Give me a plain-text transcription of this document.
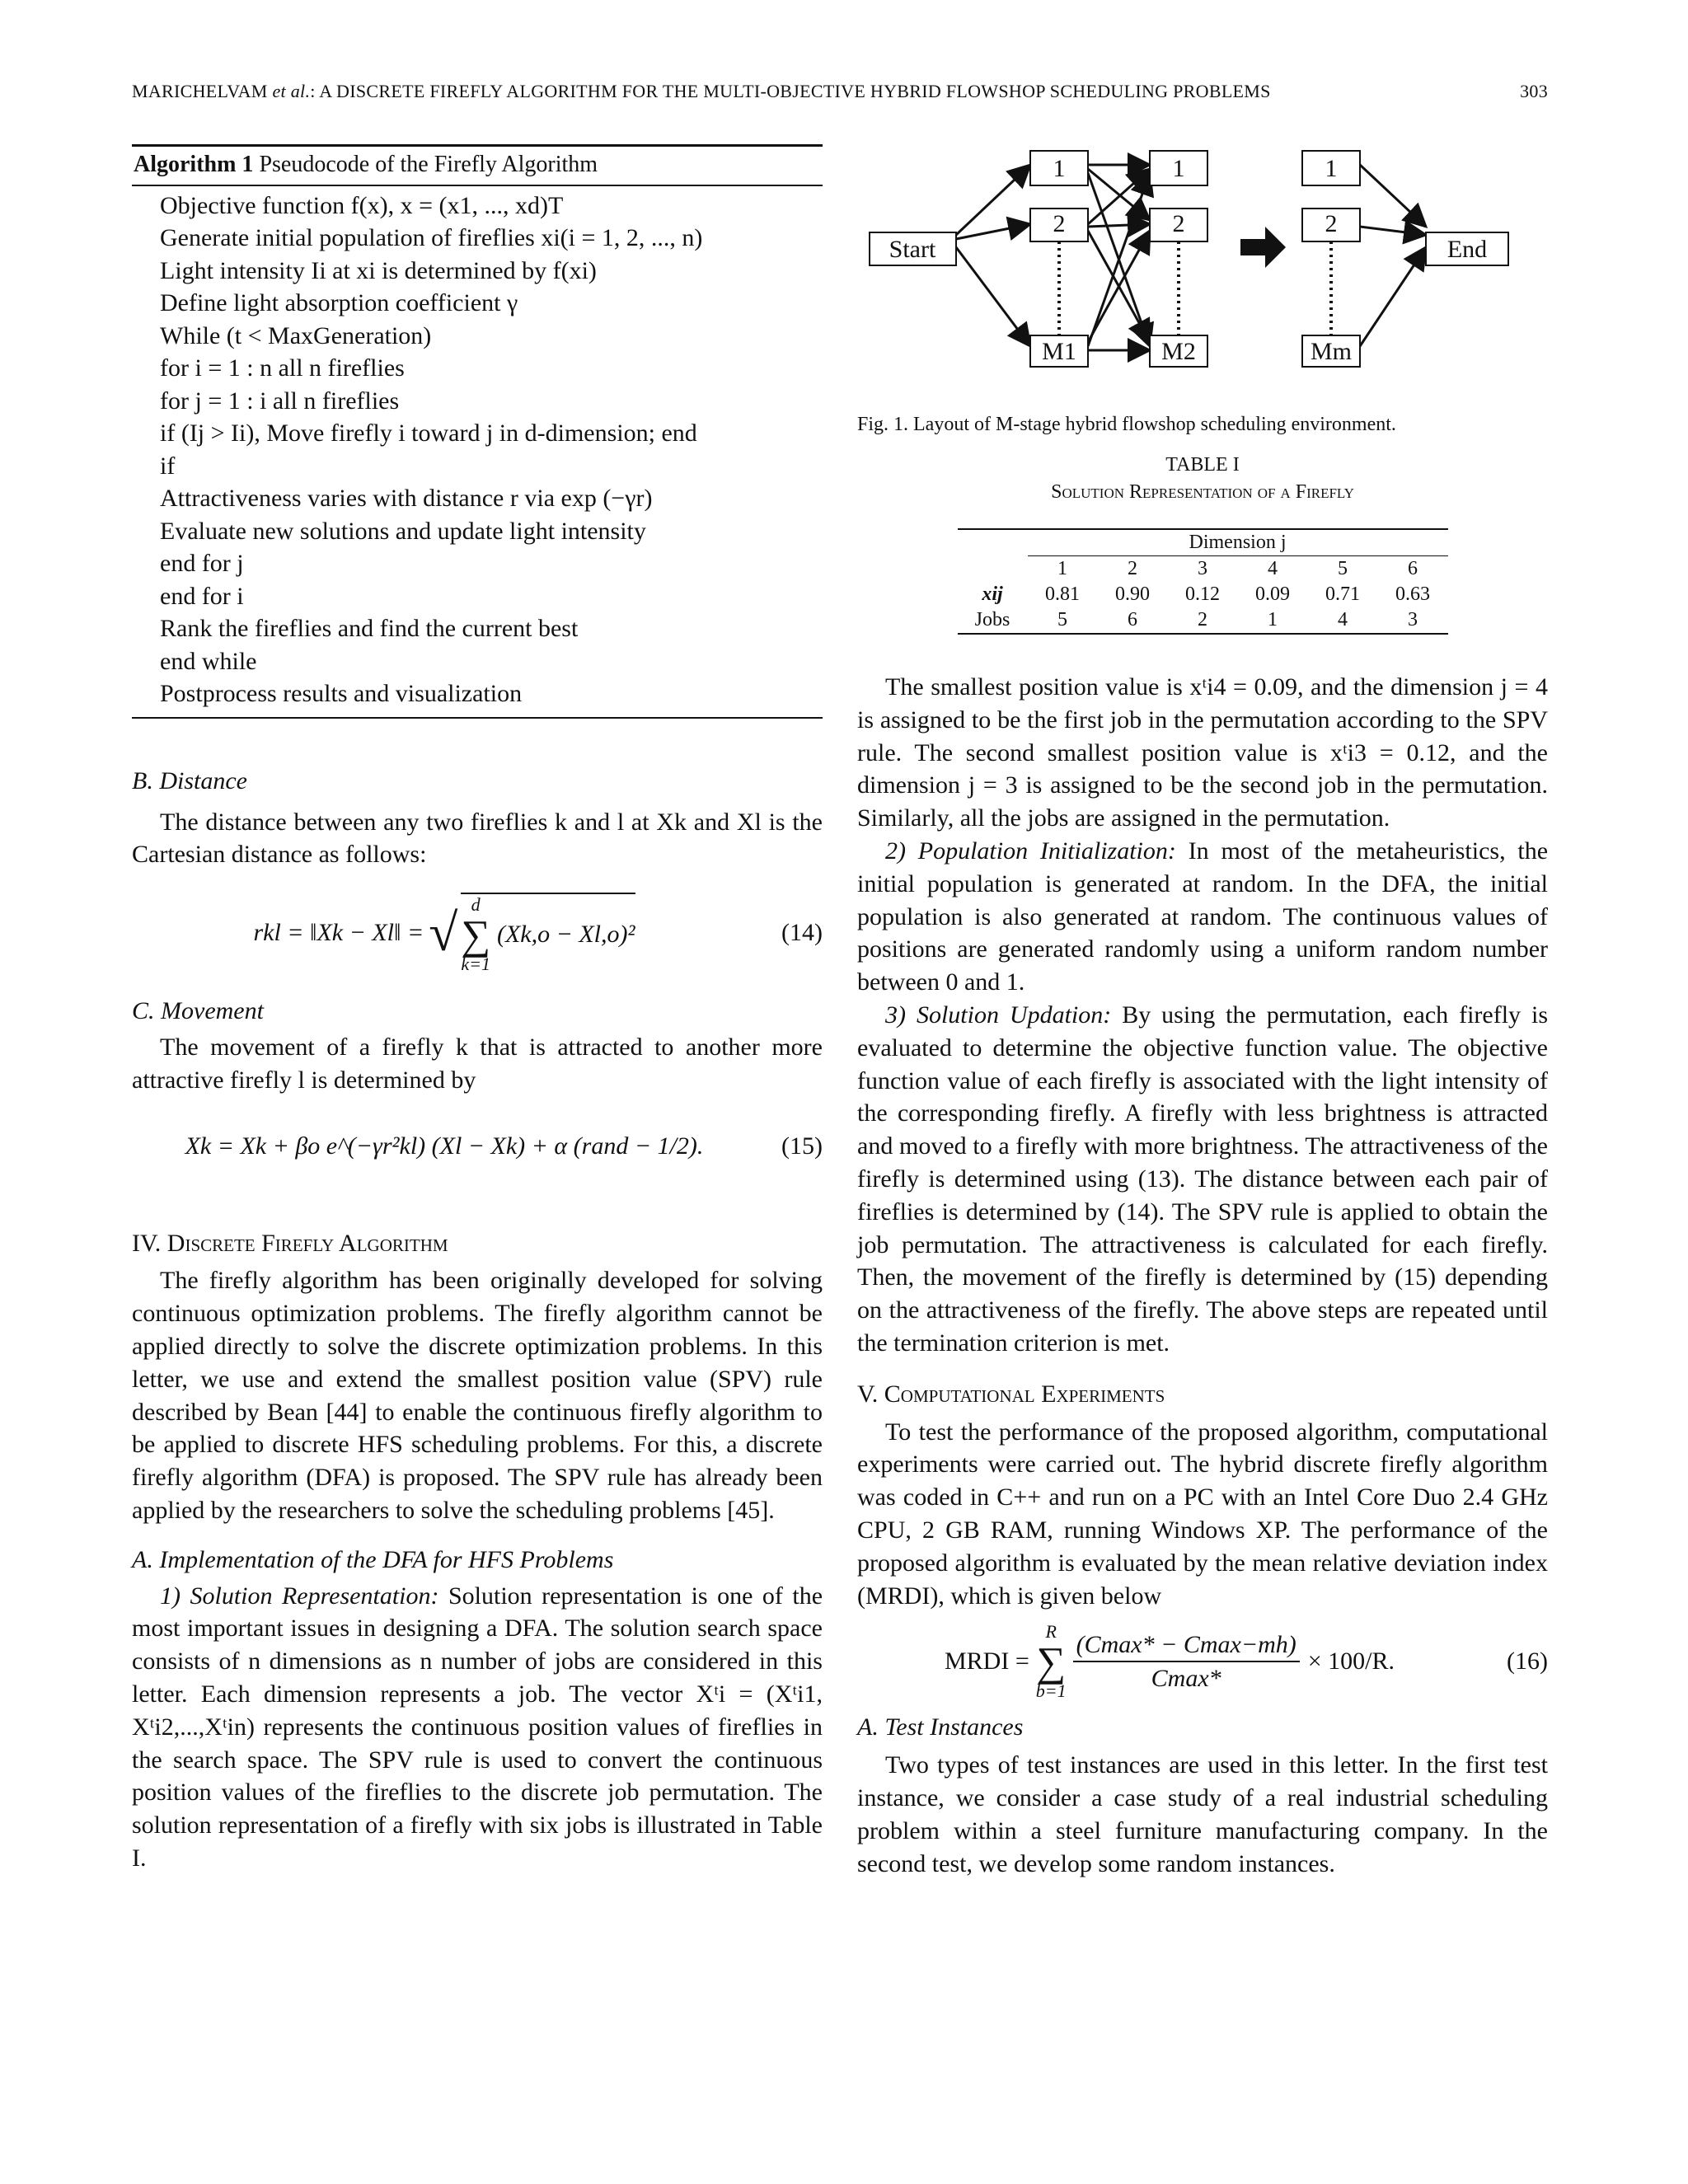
MARICHELVAM et al.: A DISCRETE FIREFLY ALGORITHM FOR THE MULTI-OBJECTIVE HYBRID FLOWSHOP SCHEDULING PROBLEMS	303
Algorithm 1 Pseudocode of the Firefly Algorithm
Objective function f(x), x = (x1, ..., xd)T
Generate initial population of fireflies xi(i = 1, 2, ..., n)
Light intensity Ii at xi is determined by f(xi)
Define light absorption coefficient γ
While (t < MaxGeneration)
for i = 1 : n all n fireflies
for j = 1 : i all n fireflies
if (Ij > Ii), Move firefly i toward j in d-dimension; end
if
Attractiveness varies with distance r via exp (−γr)
Evaluate new solutions and update light intensity
end for j
end for i
Rank the fireflies and find the current best
end while
Postprocess results and visualization

B. Distance

The distance between any two fireflies k and l at Xk and Xl is the Cartesian distance as follows:

rkl = ‖Xk − Xl‖ = √ d
∑
k=1
(Xk,o − Xl,o)²	(14)

C. Movement

The movement of a firefly k that is attracted to another more attractive firefly l is determined by

Xk = Xk + βo e^(−γr²kl) (Xl − Xk) + α (rand − 1/2).	(15)

IV. Discrete Firefly Algorithm

The firefly algorithm has been originally developed for solving continuous optimization problems. The firefly algorithm cannot be applied directly to solve the discrete optimization problems. In this letter, we use and extend the smallest position value (SPV) rule described by Bean [44] to enable the continuous firefly algorithm to be applied to discrete HFS scheduling problems. For this, a discrete firefly algorithm (DFA) is proposed. The SPV rule has already been applied by the researchers to solve the scheduling problems [45].

A. Implementation of the DFA for HFS Problems

1) Solution Representation: Solution representation is one of the most important issues in designing a DFA. The solution search space consists of n dimensions as n number of jobs are considered in this letter. Each dimension represents a job. The vector Xᵗi = (Xᵗi1, Xᵗi2,...,Xᵗin) represents the continuous position values of fireflies in the search space. The SPV rule is used to convert the continuous position values of the fireflies to the discrete job permutation. The solution representation of a firefly with six jobs is illustrated in Table I.

Start	End
1
2
M1
1
2
M2
1
2
Mm
Fig. 1. Layout of M-stage hybrid flowshop scheduling environment.
TABLE I
Solution Representation of a Firefly
	Dimension j					
	1	2	3	4	5	6
xij	0.81	0.90	0.12	0.09	0.71	0.63
Jobs	5	6	2	1	4	3

The smallest position value is xᵗi4 = 0.09, and the dimension j = 4 is assigned to be the first job in the permutation according to the SPV rule. The second smallest position value is xᵗi3 = 0.12, and the dimension j = 3 is assigned to be the second job in the permutation. Similarly, all the jobs are assigned in the permutation.

2) Population Initialization: In most of the metaheuristics, the initial population is generated at random. In the DFA, the initial population is also generated at random. The continuous values of positions are generated randomly using a uniform random number between 0 and 1.

3) Solution Updation: By using the permutation, each firefly is evaluated to determine the objective function value. The objective function value of each firefly is associated with the light intensity of the corresponding firefly. A firefly with less brightness is attracted and moved to a firefly with more brightness. The attractiveness of the firefly is determined using (13). The distance between each pair of fireflies is determined by (14). The SPV rule is applied to obtain the job permutation. The attractiveness is calculated for each firefly. Then, the movement of the firefly is determined by (15) depending on the attractiveness of the firefly. The above steps are repeated until the termination criterion is met.

V. Computational Experiments

To test the performance of the proposed algorithm, computational experiments were carried out. The hybrid discrete firefly algorithm was coded in C++ and run on a PC with an Intel Core Duo 2.4 GHz CPU, 2 GB RAM, running Windows XP. The performance of the proposed algorithm is evaluated by the mean relative deviation index (MRDI), which is given below

MRDI =
R
∑
b=1
(Cmax* − Cmax−mh)
Cmax*
× 100/R.	(16)

A. Test Instances

Two types of test instances are used in this letter. In the first test instance, we consider a case study of a real industrial scheduling problem within a steel furniture manufacturing company. In the second test, we develop some random instances.
